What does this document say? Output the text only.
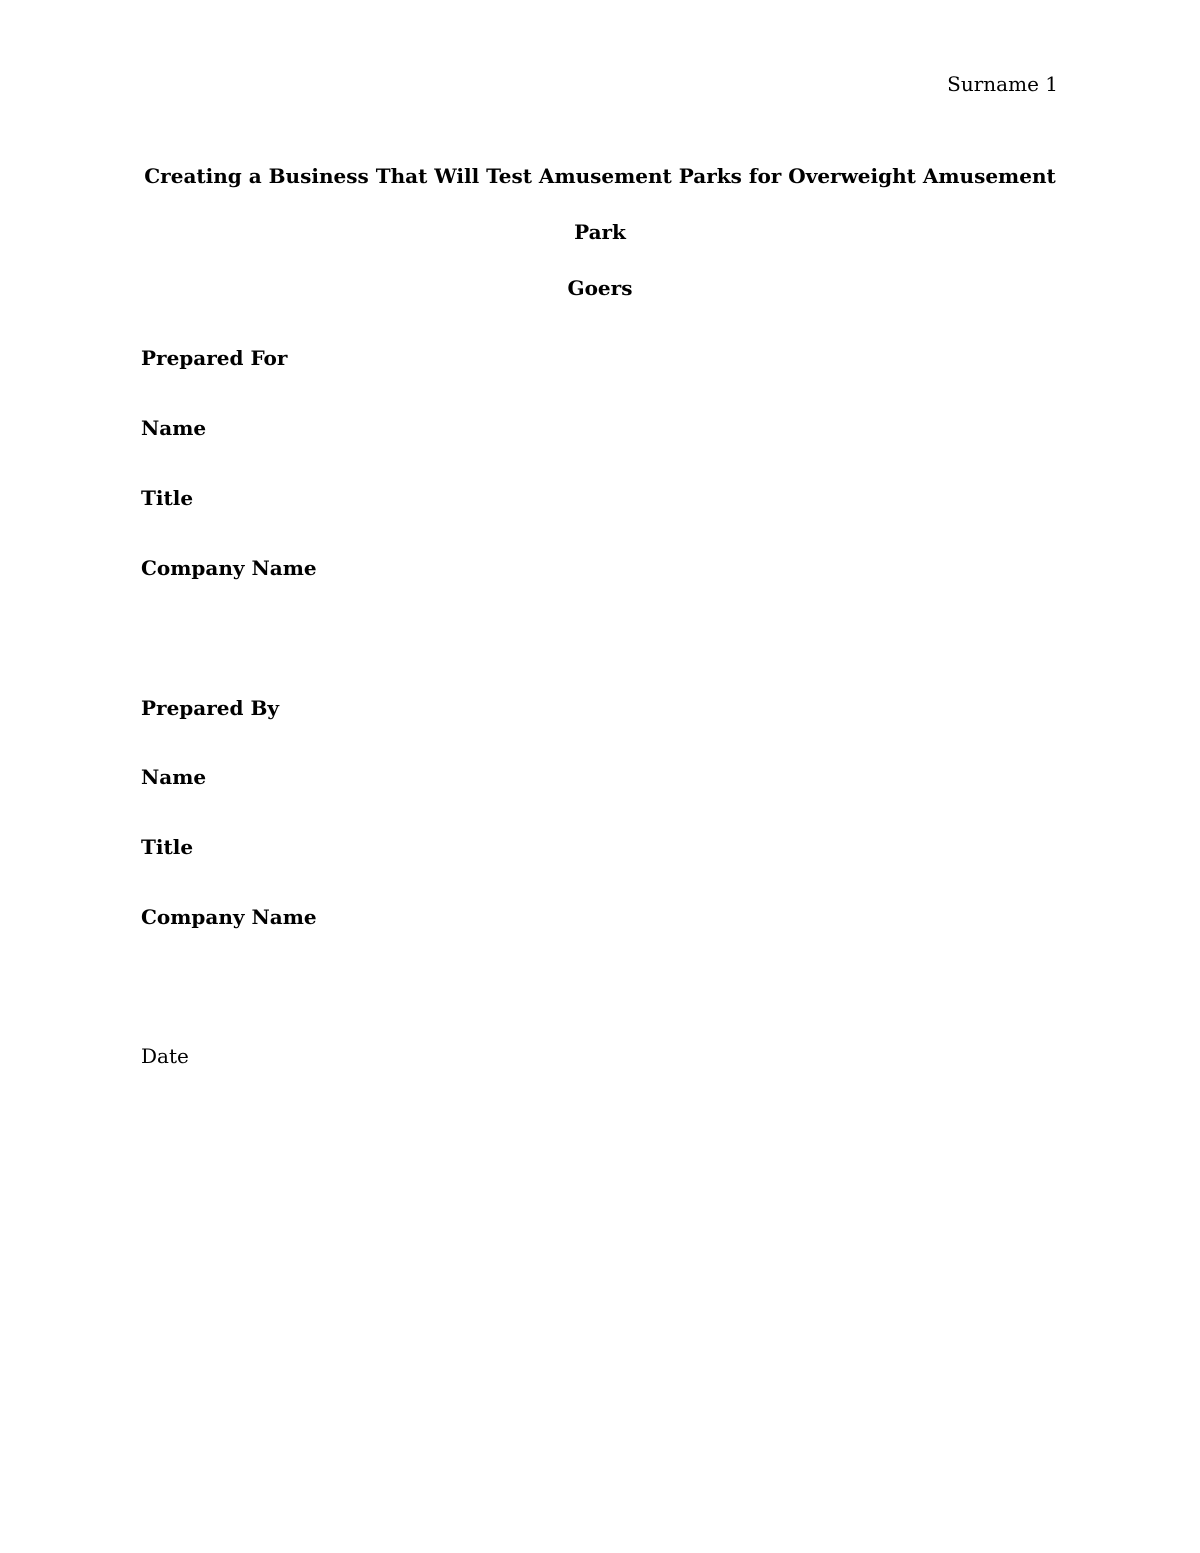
Surname 1
Creating a Business That Will Test Amusement Parks for Overweight Amusement Park
Goers
Prepared For
Name
Title
Company Name
Prepared By
Name
Title
Company Name
Date
